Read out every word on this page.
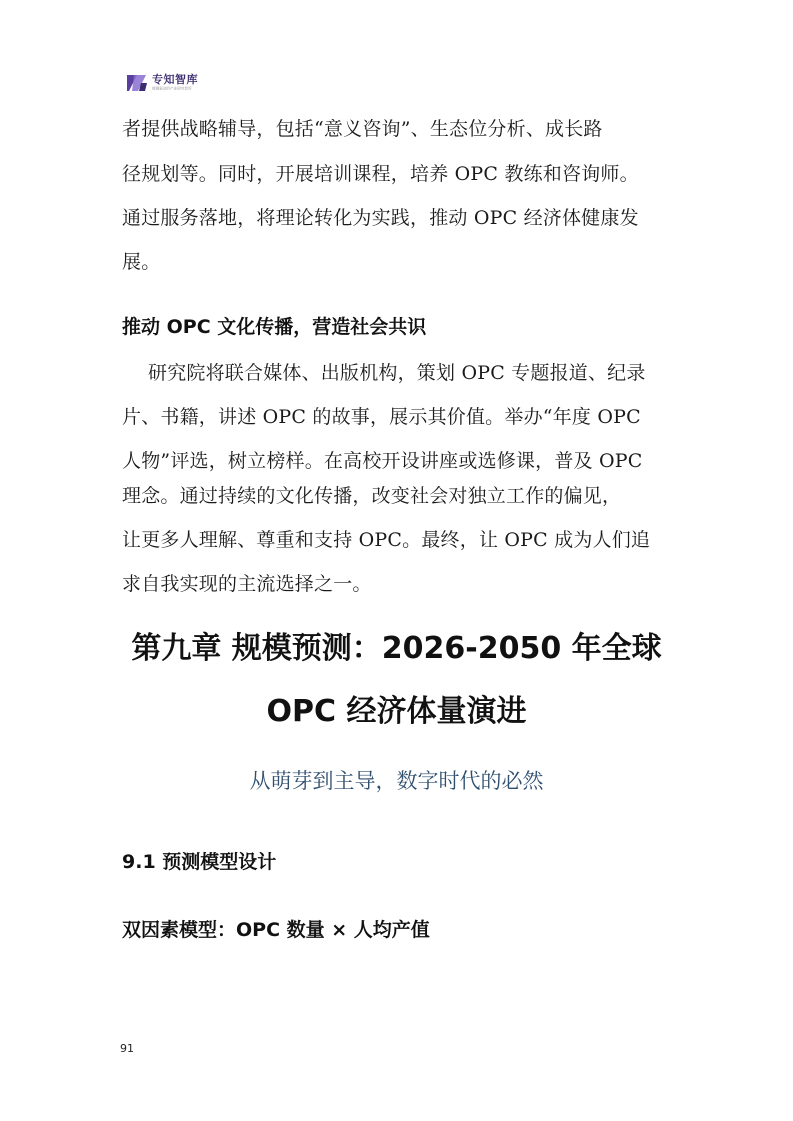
专知智库
数据驱动的产业研究智库
者提供战略辅导，包括“意义咨询”、生态位分析、成长路
径规划等。同时，开展培训课程，培养 OPC 教练和咨询师。
通过服务落地，将理论转化为实践，推动 OPC 经济体健康发
展。
推动 OPC 文化传播，营造社会共识
研究院将联合媒体、出版机构，策划 OPC 专题报道、纪录
片、书籍，讲述 OPC 的故事，展示其价值。举办“年度 OPC
人物”评选，树立榜样。在高校开设讲座或选修课，普及 OPC
理念。通过持续的文化传播，改变社会对独立工作的偏见，
让更多人理解、尊重和支持 OPC。最终，让 OPC 成为人们追
求自我实现的主流选择之一。
第九章 规模预测：2026-2050 年全球
OPC 经济体量演进
从萌芽到主导，数字时代的必然
9.1 预测模型设计
双因素模型：OPC 数量 × 人均产值
91
